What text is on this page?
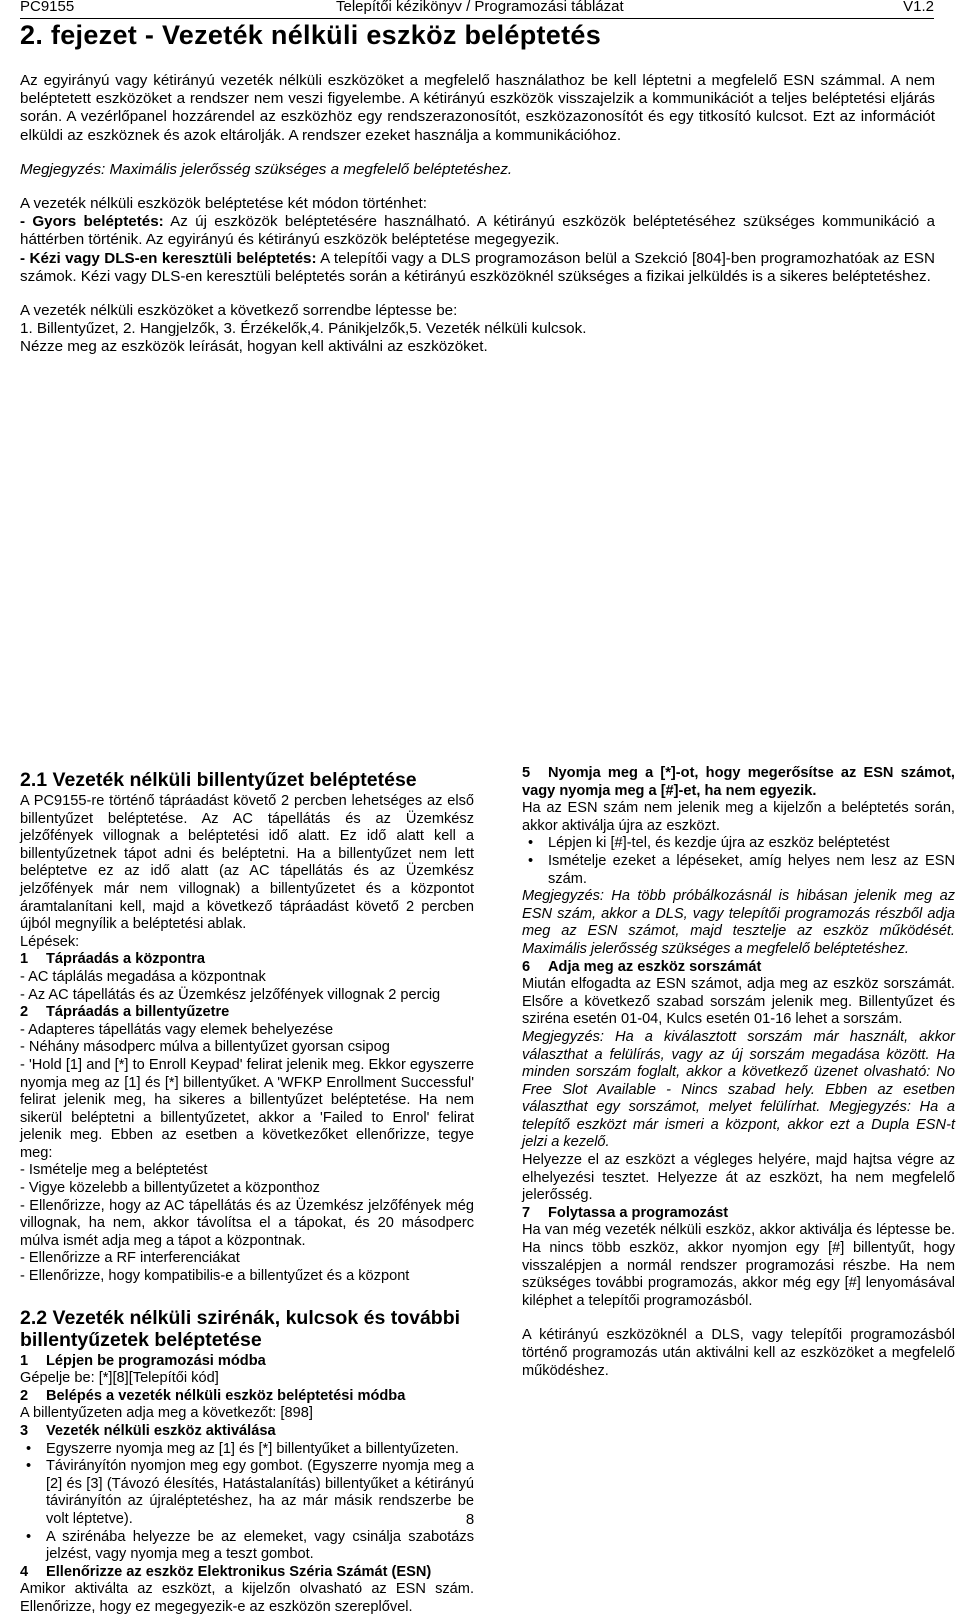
PC9155	Telepítői kézikönyv / Programozási táblázat	V1.2
2. fejezet - Vezeték nélküli eszköz beléptetés

Az egyirányú vagy kétirányú vezeték nélküli eszközöket a megfelelő használathoz be kell léptetni a megfelelő ESN számmal. A nem beléptetett eszközöket a rendszer nem veszi figyelembe. A kétirányú eszközök visszajelzik a kommunikációt a teljes beléptetési eljárás során. A vezérlőpanel hozzárendel az eszközhöz egy rendszerazonosítót, eszközazonosítót és egy titkosító kulcsot. Ezt az információt elküldi az eszköznek és azok eltárolják. A rendszer ezeket használja a kommunikációhoz.

Megjegyzés: Maximális jelerősség szükséges a megfelelő beléptetéshez.

A vezeték nélküli eszközök beléptetése két módon történhet:

- Gyors beléptetés: Az új eszközök beléptetésére használható. A kétirányú eszközök beléptetéséhez szükséges kommunikáció a háttérben történik. Az egyirányú és kétirányú eszközök beléptetése megegyezik.

- Kézi vagy DLS-en keresztüli beléptetés: A telepítői vagy a DLS programozáson belül a Szekció [804]-ben programozhatóak az ESN számok. Kézi vagy DLS-en keresztüli beléptetés során a kétirányú eszközöknél szükséges a fizikai jelküldés is a sikeres beléptetéshez.

A vezeték nélküli eszközöket a következő sorrendbe léptesse be:

1. Billentyűzet, 2. Hangjelzők, 3. Érzékelők,4. Pánikjelzők,5. Vezeték nélküli kulcsok.

Nézze meg az eszközök leírását, hogyan kell aktiválni az eszközöket.

2.1 Vezeték nélküli billentyűzet beléptetése

A PC9155-re történő tápráadást követő 2 percben lehetséges az első billentyűzet beléptetése. Az AC tápellátás és az Üzemkész jelzőfények villognak a beléptetési idő alatt. Ez idő alatt kell a billentyűzetnek tápot adni és beléptetni. Ha a billentyűzet nem lett beléptetve ez az idő alatt (az AC tápellátás és az Üzemkész jelzőfények már nem villognak) a billentyűzetet és a központot áramtalanítani kell, majd a következő tápráadást követő 2 percben újból megnyílik a beléptetési ablak.

Lépések:

1 Tápráadás a központra

- AC táplálás megadása a központnak

- Az AC tápellátás és az Üzemkész jelzőfények villognak 2 percig

2 Tápráadás a billentyűzetre

- Adapteres tápellátás vagy elemek behelyezése

- Néhány másodperc múlva a billentyűzet gyorsan csipog

- 'Hold [1] and [*] to Enroll Keypad' felirat jelenik meg. Ekkor egyszerre nyomja meg az [1] és [*] billentyűket. A 'WFKP Enrollment Successful' felirat jelenik meg, ha sikeres a billentyűzet beléptetése. Ha nem sikerül beléptetni a billentyűzetet, akkor a 'Failed to Enrol' felirat jelenik meg. Ebben az esetben a következőket ellenőrizze, tegye meg:

- Ismételje meg a beléptetést

- Vigye közelebb a billentyűzetet a központhoz

- Ellenőrizze, hogy az AC tápellátás és az Üzemkész jelzőfények még villognak, ha nem, akkor távolítsa el a tápokat, és 20 másodperc múlva ismét adja meg a tápot a központnak.

- Ellenőrizze a RF interferenciákat

- Ellenőrizze, hogy kompatibilis-e a billentyűzet és a központ

2.2 Vezeték nélküli szirénák, kulcsok és további billentyűzetek beléptetése

1 Lépjen be programozási módba

Gépelje be: [*][8][Telepítői kód]

2 Belépés a vezeték nélküli eszköz beléptetési módba

A billentyűzeten adja meg a következőt: [898]

3 Vezeték nélküli eszköz aktiválása

• Egyszerre nyomja meg az [1] és [*] billentyűket a billentyűzeten.
• Távirányítón nyomjon meg egy gombot. (Egyszerre nyomja meg a [2] és [3] (Távozó élesítés, Hatástalanítás) billentyűket a kétirányú távirányítón az újraléptetéshez, ha az már másik rendszerbe be volt léptetve).
• A szirénába helyezze be az elemeket, vagy csinálja szabotázs jelzést, vagy nyomja meg a teszt gombot.

4 Ellenőrizze az eszköz Elektronikus Széria Számát (ESN)

Amikor aktiválta az eszközt, a kijelzőn olvasható az ESN szám. Ellenőrizze, hogy ez megegyezik-e az eszközön szereplővel.

5 Nyomja meg a [*]-ot, hogy megerősítse az ESN számot, vagy nyomja meg a [#]-et, ha nem egyezik.

Ha az ESN szám nem jelenik meg a kijelzőn a beléptetés során, akkor aktiválja újra az eszközt.

• Lépjen ki [#]-tel, és kezdje újra az eszköz beléptetést
• Ismételje ezeket a lépéseket, amíg helyes nem lesz az ESN szám.

Megjegyzés: Ha több próbálkozásnál is hibásan jelenik meg az ESN szám, akkor a DLS, vagy telepítői programozás részből adja meg az ESN számot, majd tesztelje az eszköz működését. Maximális jelerősség szükséges a megfelelő beléptetéshez.

6 Adja meg az eszköz sorszámát

Miután elfogadta az ESN számot, adja meg az eszköz sorszámát. Elsőre a következő szabad sorszám jelenik meg. Billentyűzet és sziréna esetén 01-04, Kulcs esetén 01-16 lehet a sorszám.

Megjegyzés: Ha a kiválasztott sorszám már használt, akkor választhat a felülírás, vagy az új sorszám megadása között. Ha minden sorszám foglalt, akkor a következő üzenet olvasható: No Free Slot Available - Nincs szabad hely. Ebben az esetben választhat egy sorszámot, melyet felülírhat. Megjegyzés: Ha a telepítő eszközt már ismeri a központ, akkor ezt a Dupla ESN-t jelzi a kezelő.

Helyezze el az eszközt a végleges helyére, majd hajtsa végre az elhelyezési tesztet. Helyezze át az eszközt, ha nem megfelelő jelerősség.

7 Folytassa a programozást

Ha van még vezeték nélküli eszköz, akkor aktiválja és léptesse be. Ha nincs több eszköz, akkor nyomjon egy [#] billentyűt, hogy visszalépjen a normál rendszer programozási részbe. Ha nem szükséges további programozás, akkor még egy [#] lenyomásával kiléphet a telepítői programozásból.

A kétirányú eszközöknél a DLS, vagy telepítői programozásból történő programozás után aktiválni kell az eszközöket a megfelelő működéshez.

8
